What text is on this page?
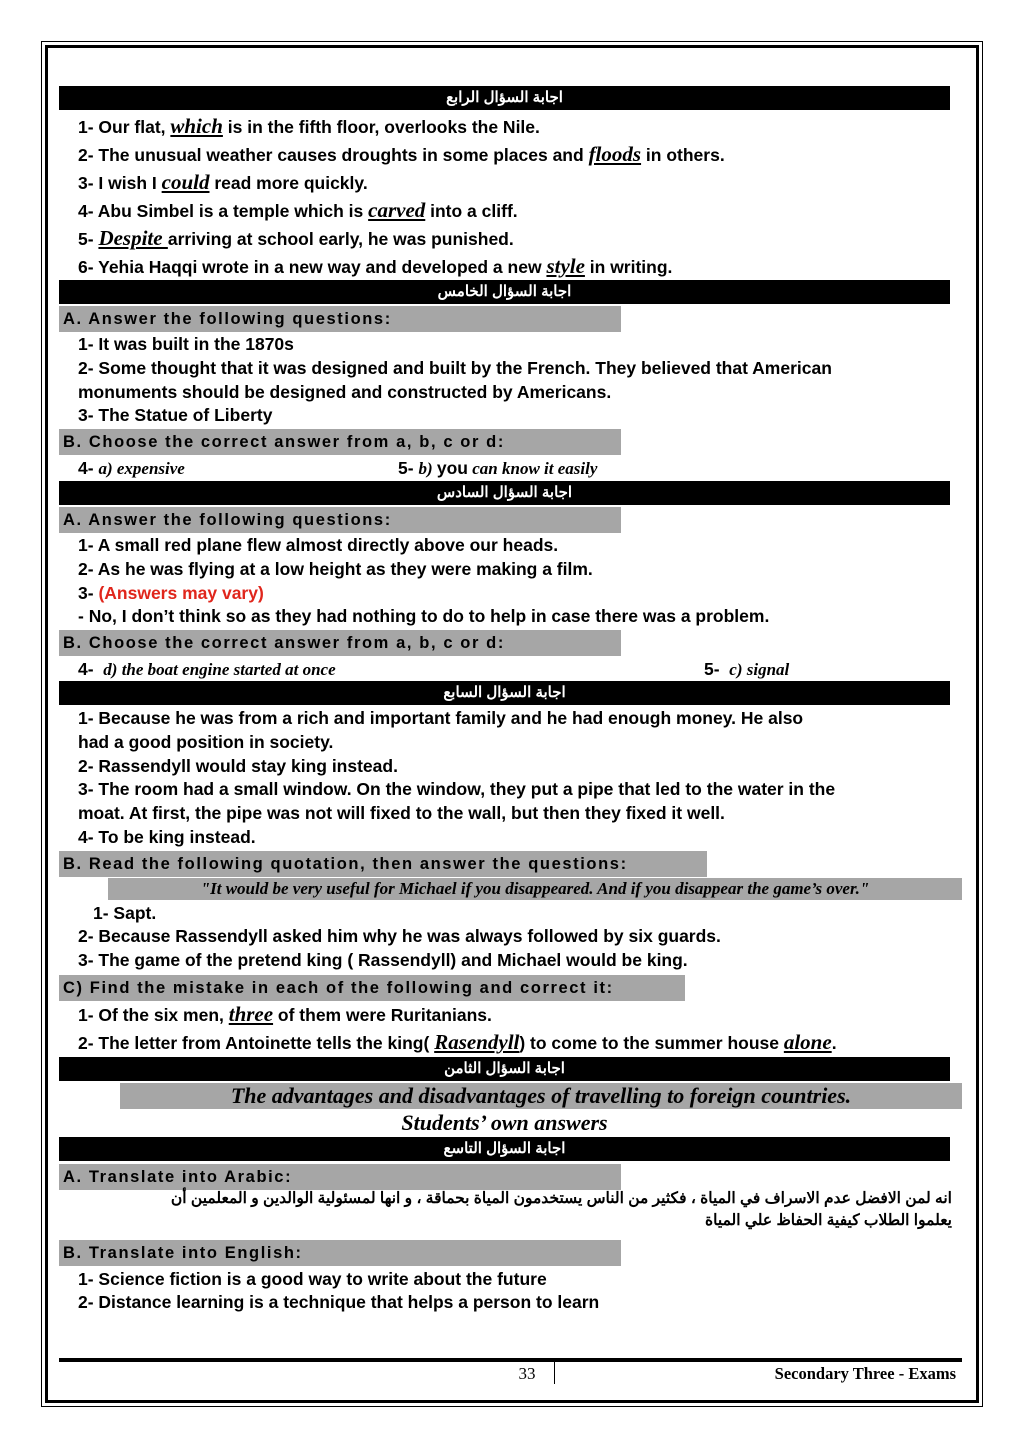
اجابة السؤال الرابع
1- Our flat, which is in the fifth floor, overlooks the Nile.
2- The unusual weather causes droughts in some places and floods in others.
3- I wish I could read more quickly.
4- Abu Simbel is a temple which is carved into a cliff.
5- Despite arriving at school early, he was punished.
6- Yehia Haqqi wrote in a new way and developed a new style in writing.
اجابة السؤال الخامس
A. Answer the following questions:
1- It was built in the 1870s
2- Some thought that it was designed and built by the French. They believed that American
monuments should be designed and constructed by Americans.
3- The Statue of Liberty
B. Choose the correct answer from a, b, c or d:
4- a) expensive	5- b) you can know it easily
اجابة السؤال السادس
A. Answer the following questions:
1- A small red plane flew almost directly above our heads.
2- As he was flying at a low height as they were making a film.
3- (Answers may vary)
- No, I don’t think so as they had nothing to do to help in case there was a problem.
B. Choose the correct answer from a, b, c or d:
4- d) the boat engine started at once	5- c) signal
اجابة السؤال السابع
1- Because he was from a rich and important family and he had enough money. He also
had a good position in society.
2- Rassendyll would stay king instead.
3- The room had a small window. On the window, they put a pipe that led to the water in the
moat. At first, the pipe was not will fixed to the wall, but then they fixed it well.
4- To be king instead.
B. Read the following quotation, then answer the questions:
"It would be very useful for Michael if you disappeared. And if you disappear the game’s over."
1- Sapt.
2- Because Rassendyll asked him why he was always followed by six guards.
3- The game of the pretend king ( Rassendyll) and Michael would be king.
C) Find the mistake in each of the following and correct it:
1- Of the six men, three of them were Ruritanians.
2- The letter from Antoinette tells the king( Rasendyll) to come to the summer house alone.
اجابة السؤال الثامن
The advantages and disadvantages of travelling to foreign countries.
Students’ own answers
اجابة السؤال التاسع
A. Translate into Arabic:
انه لمن الافضل عدم الاسراف في المياة ، فكثير من الناس يستخدمون المياة بحماقة ، و انها لمسئولية الوالدين و المعلمين أن
يعلموا الطلاب كيفية الحفاظ علي المياة
B. Translate into English:
1- Science fiction is a good way to write about the future
2- Distance learning is a technique that helps a person to learn
33	Secondary Three - Exams
